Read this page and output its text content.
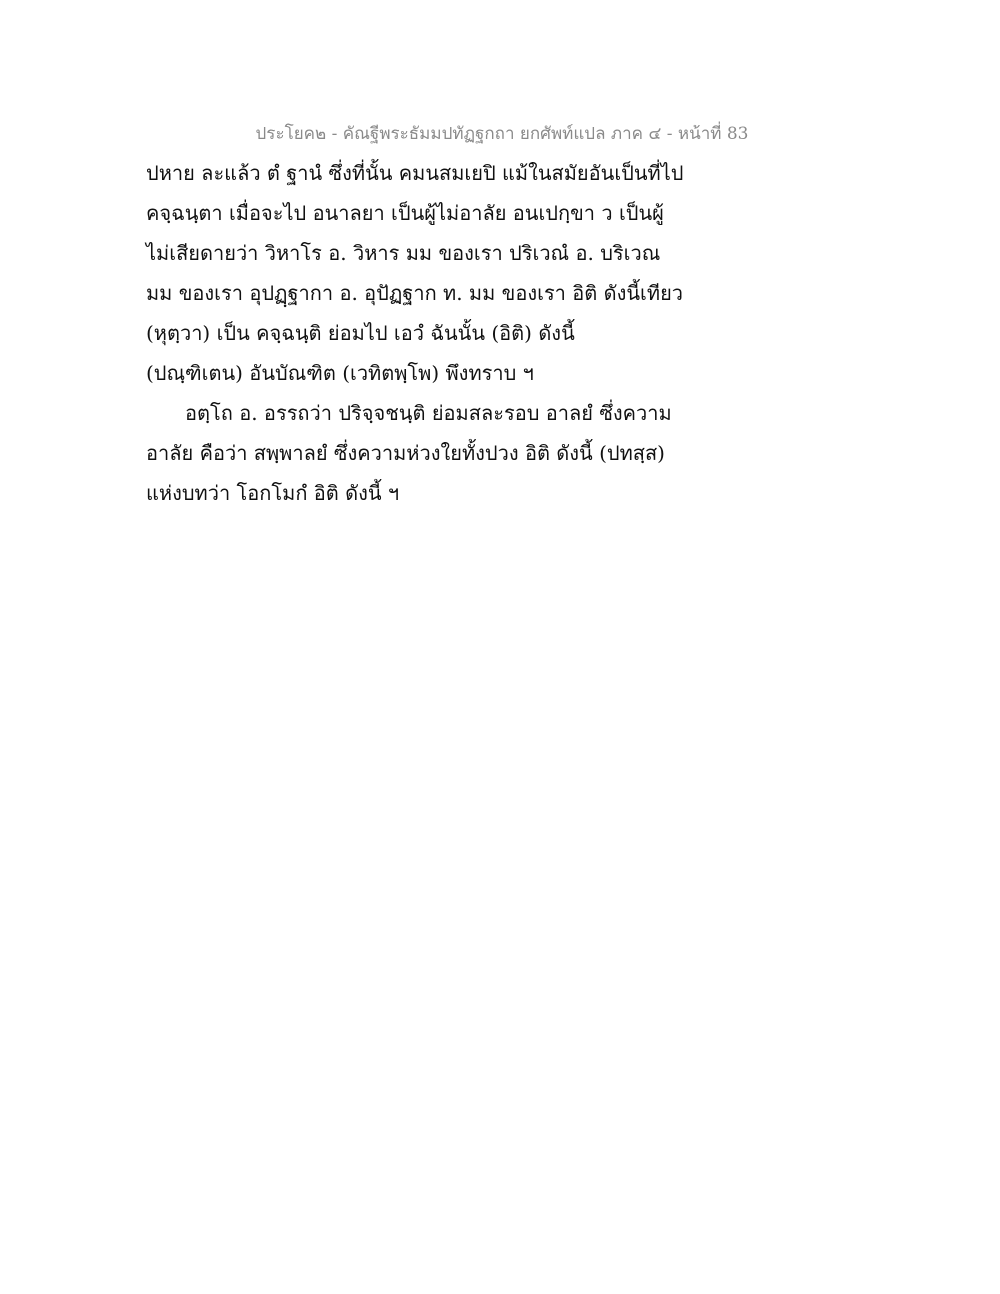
ประโยค๒ - คัณฐีพระธัมมปทัฏฐกถา ยกศัพท์แปล ภาค ๔ - หน้าที่ 83
ปหาย ละแล้ว ตํ ฐานํ ซึ่งที่นั้น คมนสมเยปิ แม้ในสมัยอันเป็นที่ไป
คจฺฉนฺตา เมื่อจะไป อนาลยา เป็นผู้ไม่อาลัย อนเปกฺขา ว เป็นผู้
ไม่เสียดายว่า วิหาโร อ. วิหาร มม ของเรา ปริเวณํ อ. บริเวณ
มม ของเรา อุปฏฺฐากา อ. อุปัฏฐาก ท. มม ของเรา อิติ ดังนี้เทียว
(หุตฺวา) เป็น คจฺฉนฺติ ย่อมไป เอวํ ฉันนั้น (อิติ) ดังนี้
(ปณฺฑิเตน) อันบัณฑิต (เวทิตพฺโพ) พึงทราบ ฯ
อตฺโถ อ. อรรถว่า ปริจฺจชนฺติ ย่อมสละรอบ อาลยํ ซึ่งความ
อาลัย คือว่า สพฺพาลยํ ซึ่งความห่วงใยทั้งปวง อิติ ดังนี้ (ปทสฺส)
แห่งบทว่า โอกโมกํ อิติ ดังนี้ ฯ
